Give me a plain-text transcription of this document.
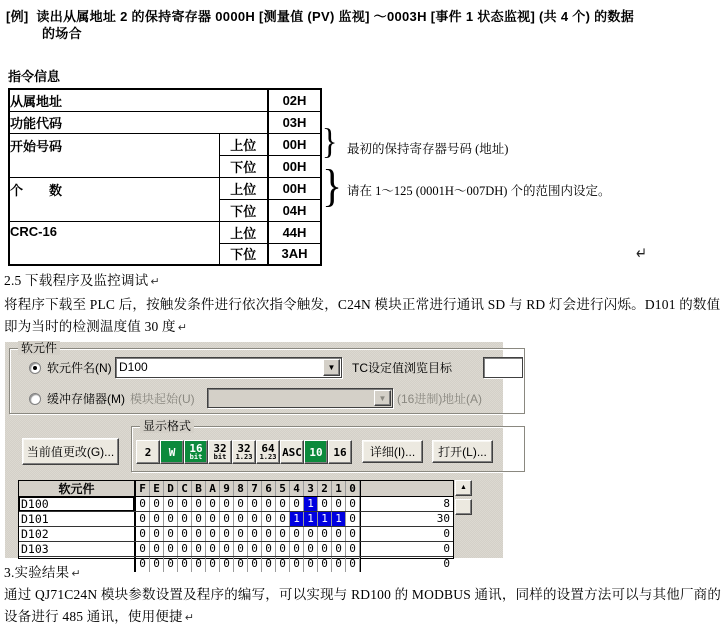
[例] 读出从属地址 2 的保持寄存器 0000H [测量值 (PV) 监视] ～0003H [事件 1 状态监视] (共 4 个) 的数据
的场合
指令信息
从属地址		02H
功能代码		03H
开始号码	上位	00H
	下位	00H
个　　数	上位	00H
	下位	04H
CRC-16	上位	44H
	下位	3AH
} 最初的保持寄存器号码 (地址)
} 请在 1～125 (0001H～007DH) 个的范围内设定。
↵
2.5 下载程序及监控调试 ↵
将程序下载至 PLC 后，按触发条件进行依次指令触发，C24N 模块正常进行通讯 SD 与 RD 灯会进行闪烁。D101 的数值
即为当时的检测温度值 30 度 ↵
软元件
软元件名(N) D100	▼	TC设定值浏览目标
缓冲存储器(M) 模块起始(U)	▼ (16进制) 地址(A)
当前值更改(G)...
显示格式
2 W 16
bit
32
bit
32
1.23
64
1.23 ASC 10 16	详细(I)...	打开(L)...
软元件	F E D C B A 9 8 7 6 5 4 3 2 1 0
D100	0 0 0 0 0 0 0 0 0 0 0 0 1 0 0 0	8
D101	0 0 0 0 0 0 0 0 0 0 0 1 1 1 1 0	30
D102	0 0 0 0 0 0 0 0 0 0 0 0 0 0 0 0	0
D103	0 0 0 0 0 0 0 0 0 0 0 0 0 0 0 0	0
0 0 0 0 0 0 0 0 0 0 0 0 0 0 0 0	0
▲
3.实验结果 ↵
通过 QJ71C24N 模块参数设置及程序的编写，可以实现与 RD100 的 MODBUS 通讯，同样的设置方法可以与其他厂商的
设备进行 485 通讯，使用便捷 ↵
